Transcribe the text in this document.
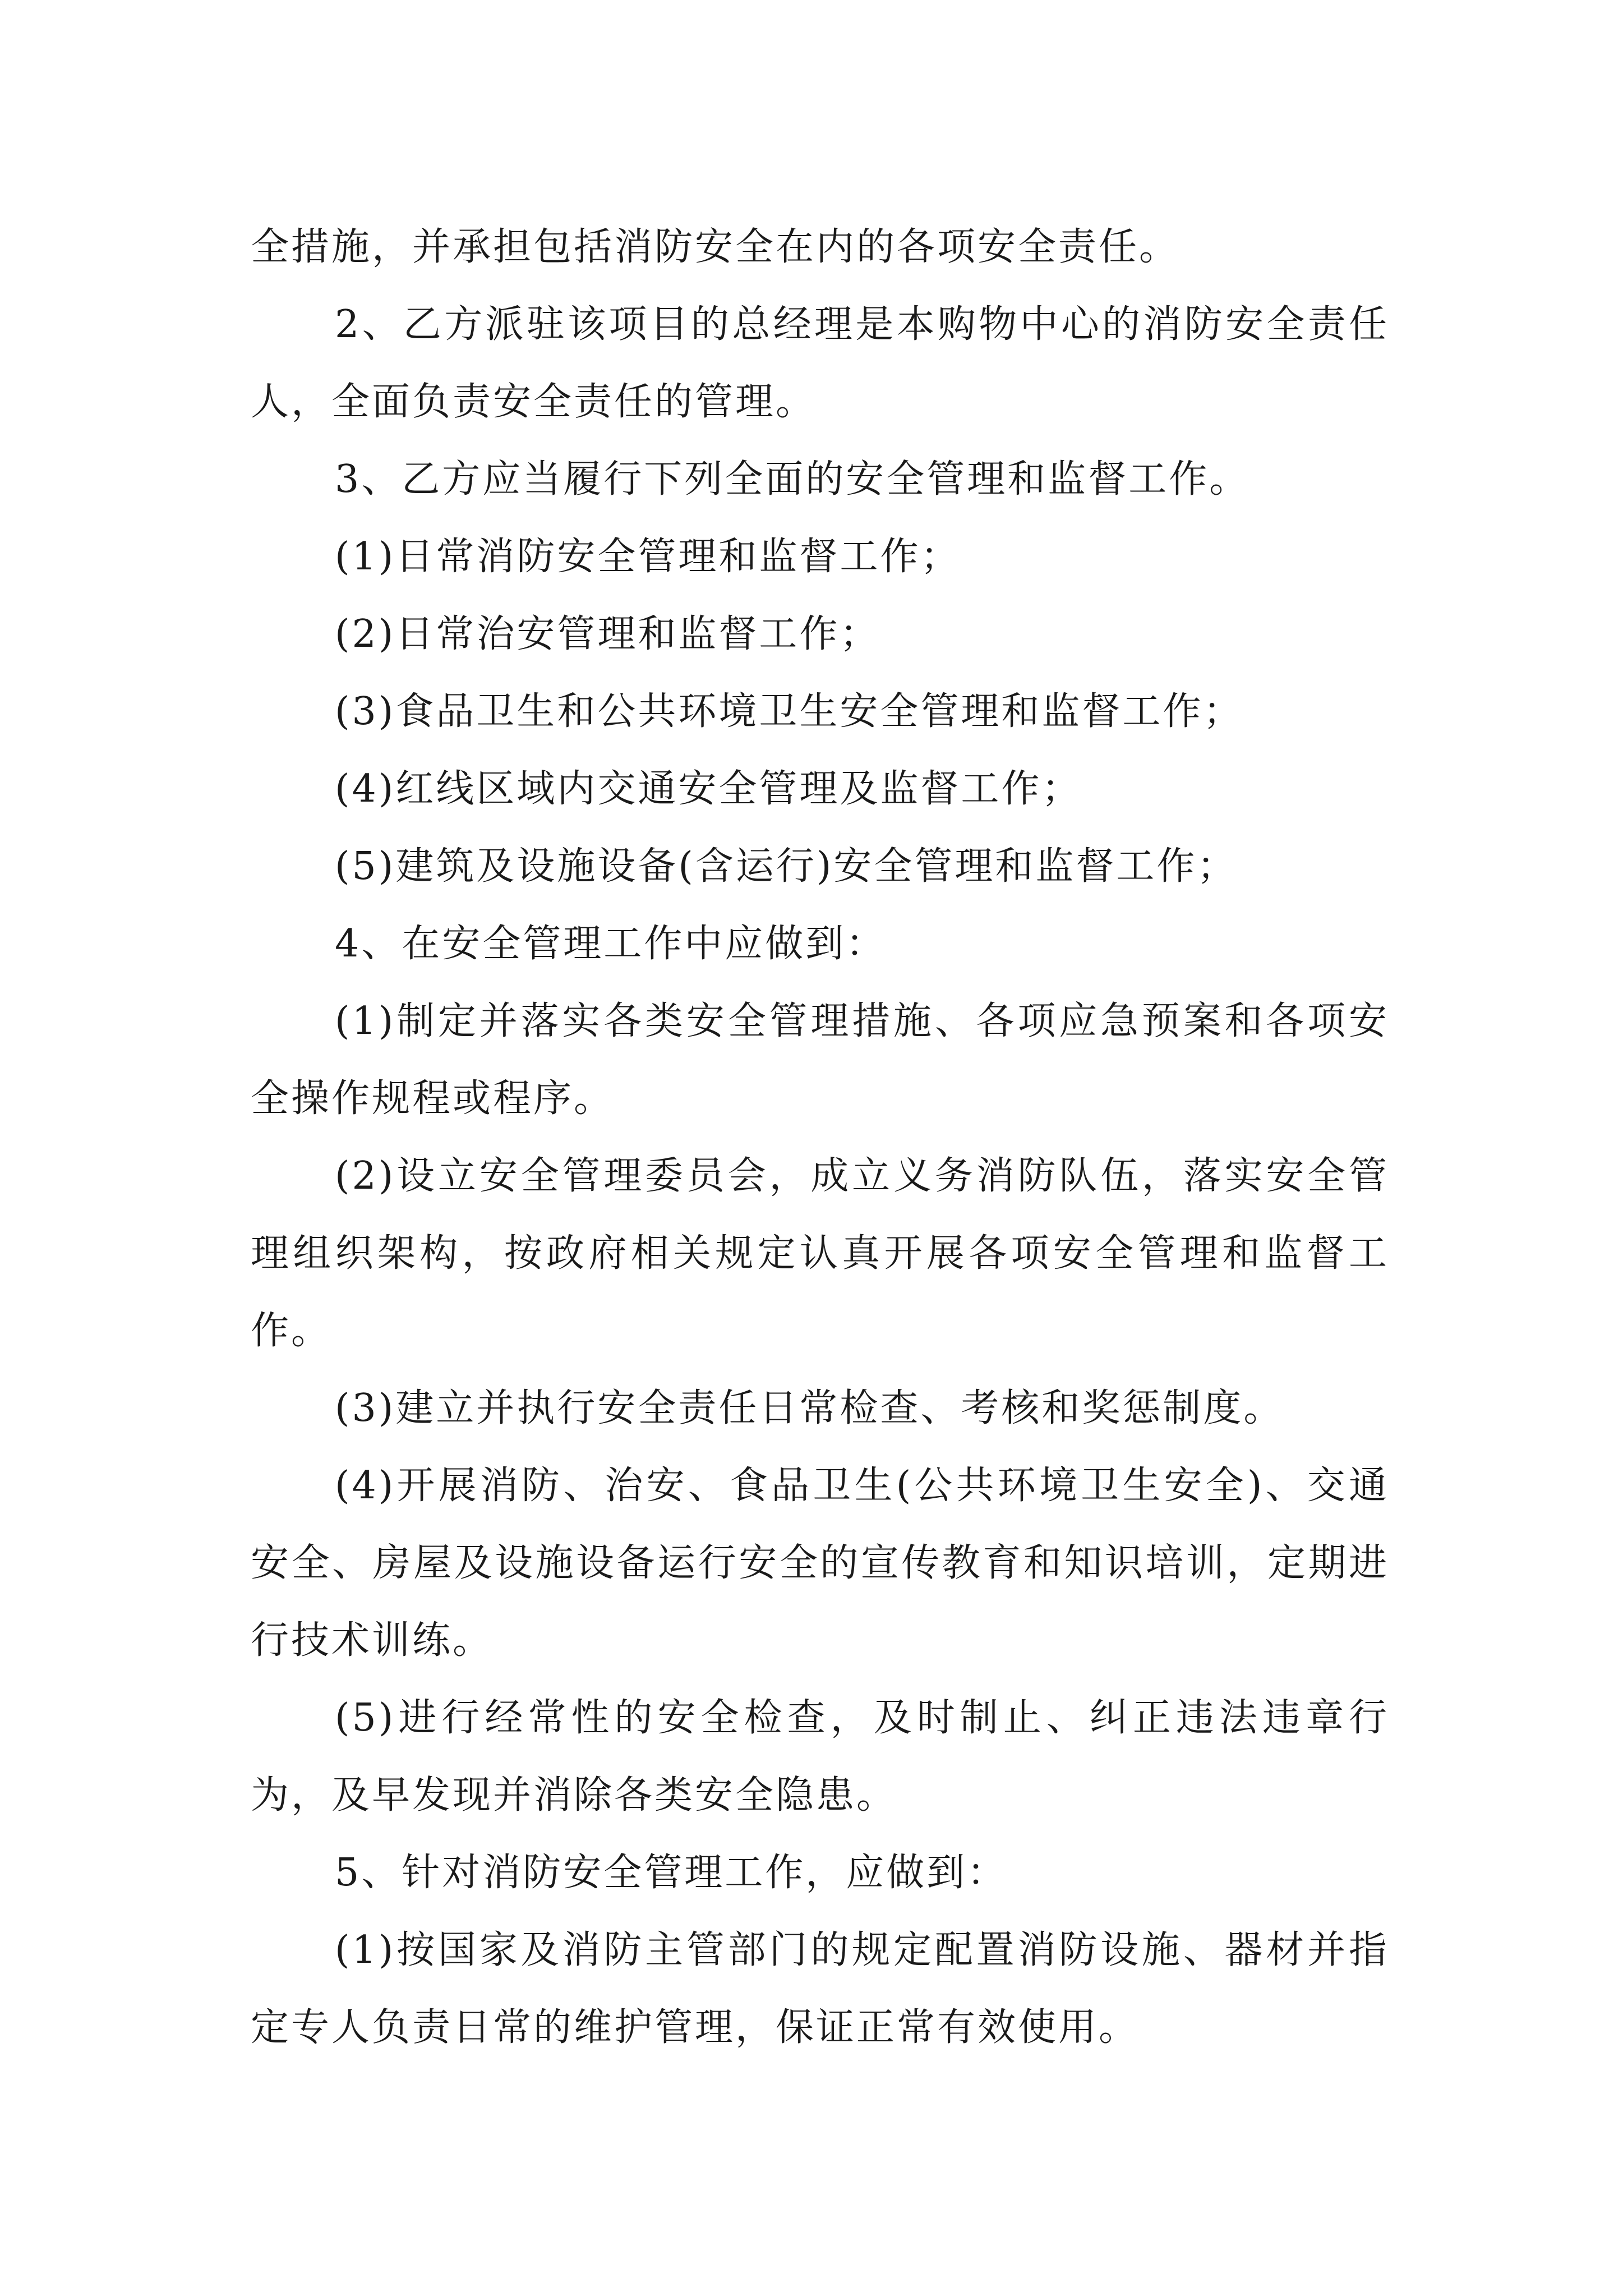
全措施，并承担包括消防安全在内的各项安全责任。

2、乙方派驻该项目的总经理是本购物中心的消防安全责任人，全面负责安全责任的管理。

3、乙方应当履行下列全面的安全管理和监督工作。

(1)日常消防安全管理和监督工作；

(2)日常治安管理和监督工作；

(3)食品卫生和公共环境卫生安全管理和监督工作；

(4)红线区域内交通安全管理及监督工作；

(5)建筑及设施设备(含运行)安全管理和监督工作；

4、在安全管理工作中应做到：

(1)制定并落实各类安全管理措施、各项应急预案和各项安全操作规程或程序。

(2)设立安全管理委员会，成立义务消防队伍，落实安全管理组织架构，按政府相关规定认真开展各项安全管理和监督工作。

(3)建立并执行安全责任日常检查、考核和奖惩制度。

(4)开展消防、治安、食品卫生(公共环境卫生安全)、交通安全、房屋及设施设备运行安全的宣传教育和知识培训，定期进行技术训练。

(5)进行经常性的安全检查，及时制止、纠正违法违章行为，及早发现并消除各类安全隐患。

5、针对消防安全管理工作，应做到：

(1)按国家及消防主管部门的规定配置消防设施、器材并指定专人负责日常的维护管理，保证正常有效使用。
